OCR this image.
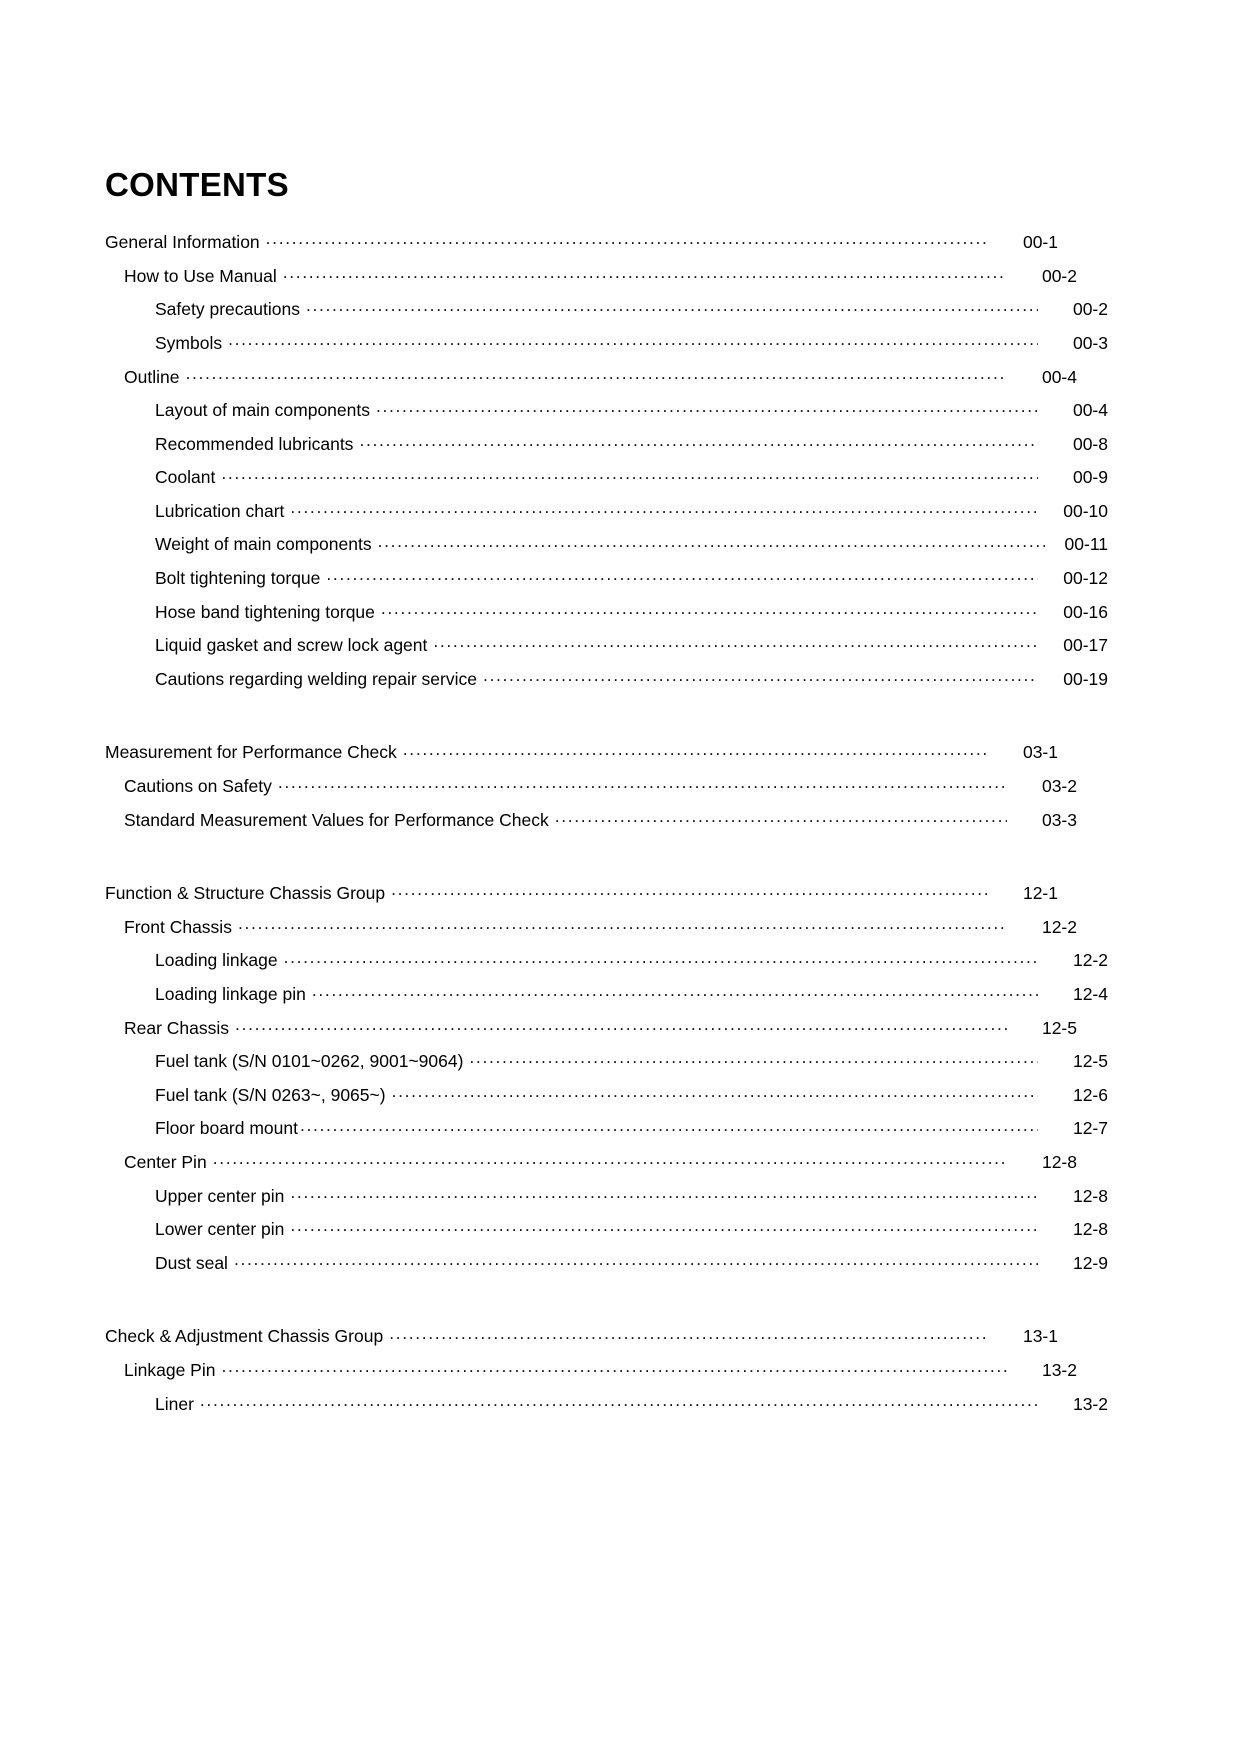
CONTENTS
General Information .....	00-1
How to Use Manual .....	00-2
Safety precautions .....	00-2
Symbols .....	00-3
Outline .....	00-4
Layout of main components .....	00-4
Recommended lubricants .....	00-8
Coolant .....	00-9
Lubrication chart .....	00-10
Weight of main components .....	00-11
Bolt tightening torque .....	00-12
Hose band tightening torque .....	00-16
Liquid gasket and screw lock agent .....	00-17
Cautions regarding welding repair service .....	00-19
Measurement for Performance Check .....	03-1
Cautions on Safety .....	03-2
Standard Measurement Values for Performance Check .....	03-3
Function & Structure Chassis Group .....	12-1
Front Chassis .....	12-2
Loading linkage .....	12-2
Loading linkage pin .....	12-4
Rear Chassis .....	12-5
Fuel tank (S/N 0101~0262, 9001~9064) .....	12-5
Fuel tank (S/N 0263~, 9065~) .....	12-6
Floor board mount .....	12-7
Center Pin .....	12-8
Upper center pin .....	12-8
Lower center pin .....	12-8
Dust seal .....	12-9
Check & Adjustment Chassis Group .....	13-1
Linkage Pin .....	13-2
Liner .....	13-2
